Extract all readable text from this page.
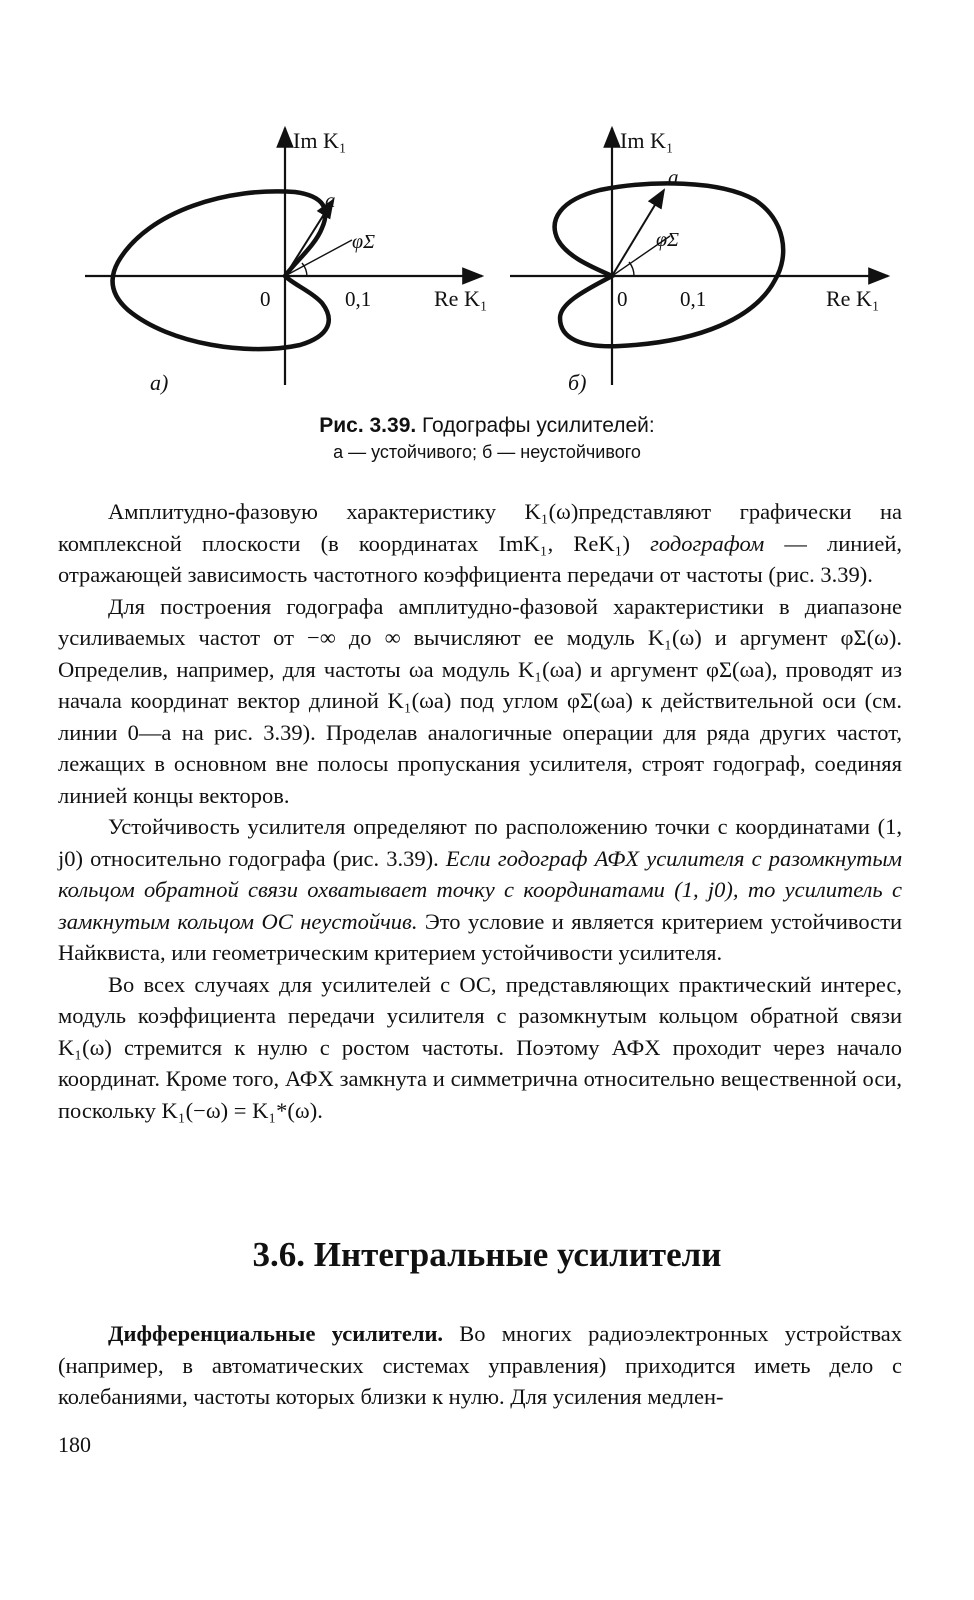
Im K₁
a
φΣ
0	0,1	Re K₁
а)
Im K₁
a
φΣ
0	0,1	Re K₁
б)
Рис. 3.39. Годографы усилителей:
а — устойчивого; б — неустойчивого

Амплитудно-фазовую характеристику K₁(ω)представляют графически на комплексной плоскости (в координатах ImK₁, ReK₁) годографом — линией, отражающей зависимость частотного коэффициента передачи от частоты (рис. 3.39).

Для построения годографа амплитудно-фазовой характеристики в диапазоне усиливаемых частот от −∞ до ∞ вычисляют ее модуль K₁(ω) и аргумент φΣ(ω). Определив, например, для частоты ωa модуль K₁(ωa) и аргумент φΣ(ωa), проводят из начала координат вектор длиной K₁(ωa) под углом φΣ(ωa) к действительной оси (см. линии 0—a на рис. 3.39). Проделав аналогичные операции для ряда других частот, лежащих в основном вне полосы пропускания усилителя, строят годограф, соединяя линией концы векторов.

Устойчивость усилителя определяют по расположению точки с координатами (1, j0) относительно годографа (рис. 3.39). Если годограф АФХ усилителя с разомкнутым кольцом обратной связи охватывает точку с координатами (1, j0), то усилитель с замкнутым кольцом ОС неустойчив. Это условие и является критерием устойчивости Найквиста, или геометрическим критерием устойчивости усилителя.

Во всех случаях для усилителей с ОС, представляющих практический интерес, модуль коэффициента передачи усилителя с разомкнутым кольцом обратной связи K₁(ω) стремится к нулю с ростом частоты. Поэтому АФХ проходит через начало координат. Кроме того, АФХ замкнута и симметрична относительно вещественной оси, поскольку K₁(−ω) = K₁*(ω).

3.6. Интегральные усилители

Дифференциальные усилители. Во многих радиоэлектронных устройствах (например, в автоматических системах управления) приходится иметь дело с колебаниями, частоты которых близки к нулю. Для усиления медлен-

180
